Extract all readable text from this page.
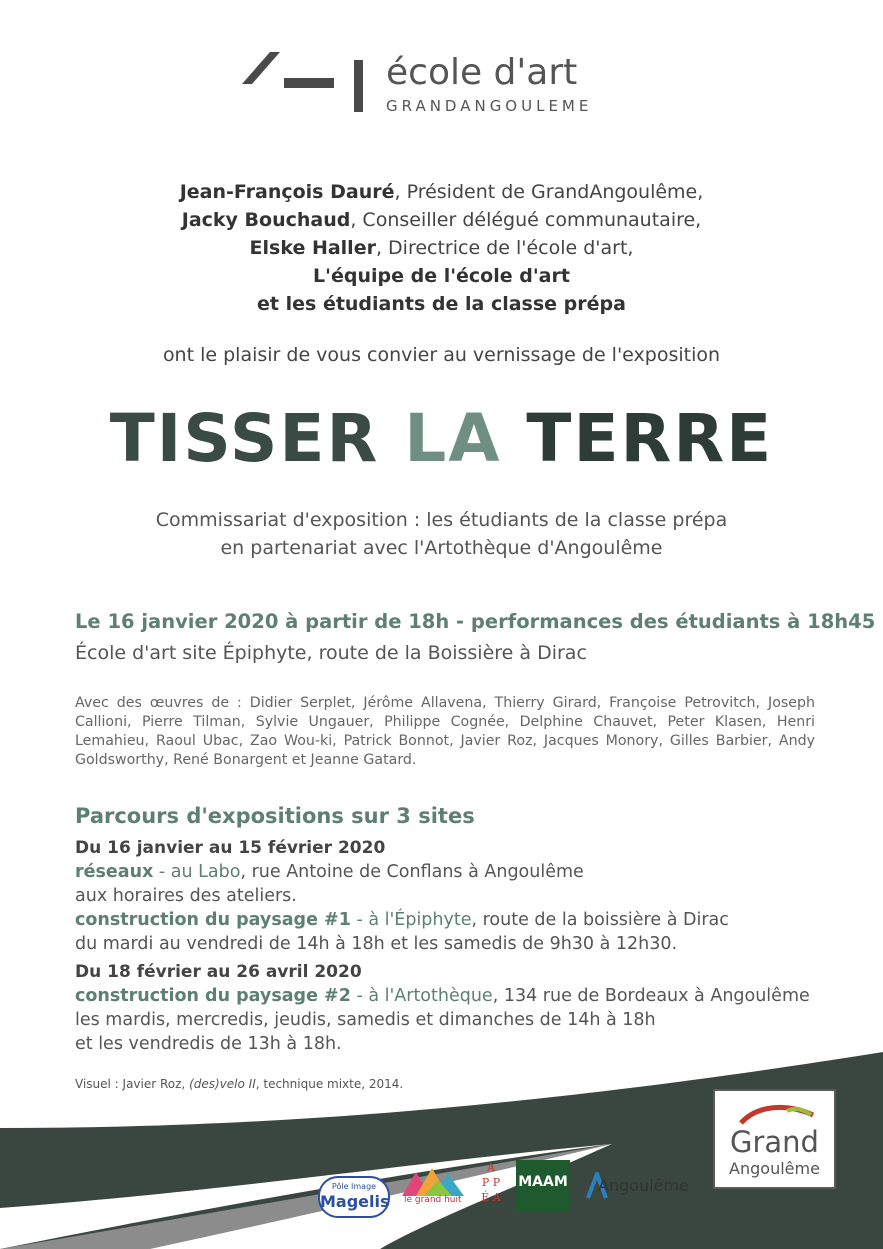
école d'art
GRANDANGOULEME
Jean-François Dauré, Président de GrandAngoulême,
Jacky Bouchaud, Conseiller délégué communautaire,
Elske Haller, Directrice de l'école d'art,
L'équipe de l'école d'art
et les étudiants de la classe prépa
ont le plaisir de vous convier au vernissage de l'exposition
TISSER LA TERRE
Commissariat d'exposition : les étudiants de la classe prépa
en partenariat avec l'Artothèque d'Angoulême
Le 16 janvier 2020 à partir de 18h - performances des étudiants à 18h45
École d'art site Épiphyte, route de la Boissière à Dirac
Avec des œuvres de : Didier Serplet, Jérôme Allavena, Thierry Girard, Françoise Petrovitch, Joseph Callioni, Pierre Tilman, Sylvie Ungauer, Philippe Cognée, Delphine Chauvet, Peter Klasen, Henri Lemahieu, Raoul Ubac, Zao Wou-ki, Patrick Bonnot, Javier Roz, Jacques Monory, Gilles Barbier, Andy Goldsworthy, René Bonargent et Jeanne Gatard.
Parcours d'expositions sur 3 sites
Du 16 janvier au 15 février 2020
réseaux - au Labo, rue Antoine de Conflans à Angoulême
aux horaires des ateliers.
construction du paysage #1 - à l'Épiphyte, route de la boissière à Dirac
du mardi au vendredi de 14h à 18h et les samedis de 9h30 à 12h30.
Du 18 février au 26 avril 2020
construction du paysage #2 - à l'Artothèque, 134 rue de Bordeaux à Angoulême
les mardis, mercredis, jeudis, samedis et dimanches de 14h à 18h
et les vendredis de 13h à 18h.
Visuel : Javier Roz, (des)velo II, technique mixte, 2014.
Grand
Angoulême
Pôle Image
Magelis le grand huit
A
P P
É A
MAAM Angoulême
